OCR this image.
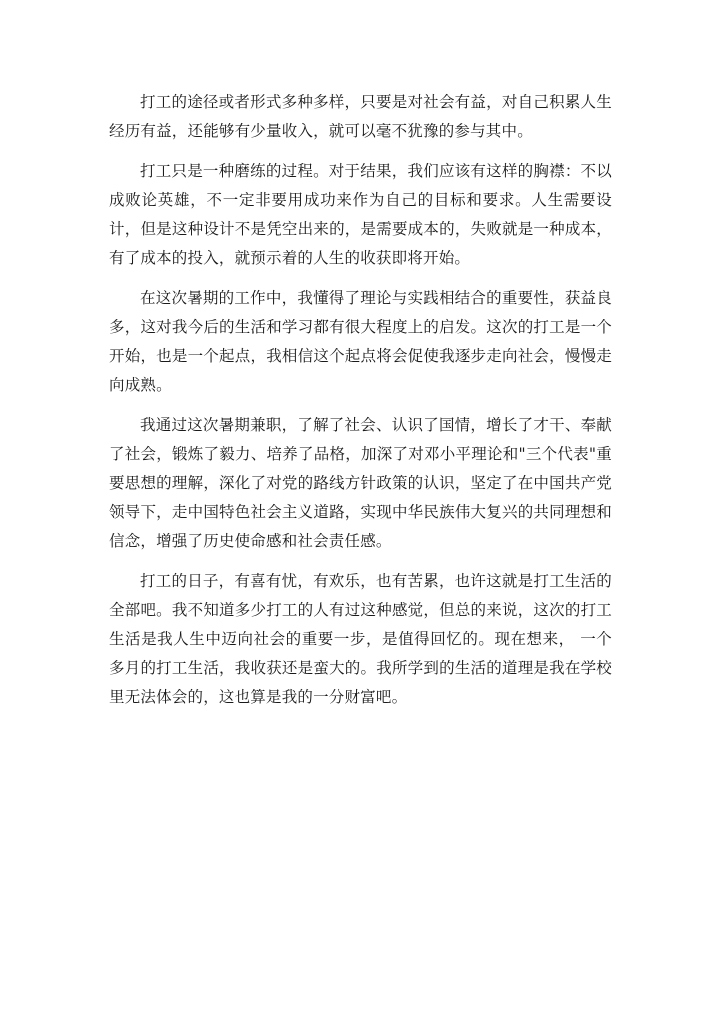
打工的途径或者形式多种多样，只要是对社会有益，对自己积累人生经历有益，还能够有少量收入，就可以毫不犹豫的参与其中。

打工只是一种磨练的过程。对于结果，我们应该有这样的胸襟：不以成败论英雄，不一定非要用成功来作为自己的目标和要求。人生需要设计，但是这种设计不是凭空出来的，是需要成本的，失败就是一种成本，有了成本的投入，就预示着的人生的收获即将开始。

在这次暑期的工作中，我懂得了理论与实践相结合的重要性，获益良多，这对我今后的生活和学习都有很大程度上的启发。这次的打工是一个开始，也是一个起点，我相信这个起点将会促使我逐步走向社会，慢慢走向成熟。

我通过这次暑期兼职，了解了社会、认识了国情，增长了才干、奉献了社会，锻炼了毅力、培养了品格，加深了对邓小平理论和"三个代表"重要思想的理解，深化了对党的路线方针政策的认识，坚定了在中国共产党领导下，走中国特色社会主义道路，实现中华民族伟大复兴的共同理想和信念，增强了历史使命感和社会责任感。

打工的日子，有喜有忧，有欢乐，也有苦累，也许这就是打工生活的全部吧。我不知道多少打工的人有过这种感觉，但总的来说，这次的打工生活是我人生中迈向社会的重要一步，是值得回忆的。现在想来， 一个多月的打工生活，我收获还是蛮大的。我所学到的生活的道理是我在学校里无法体会的，这也算是我的一分财富吧。
